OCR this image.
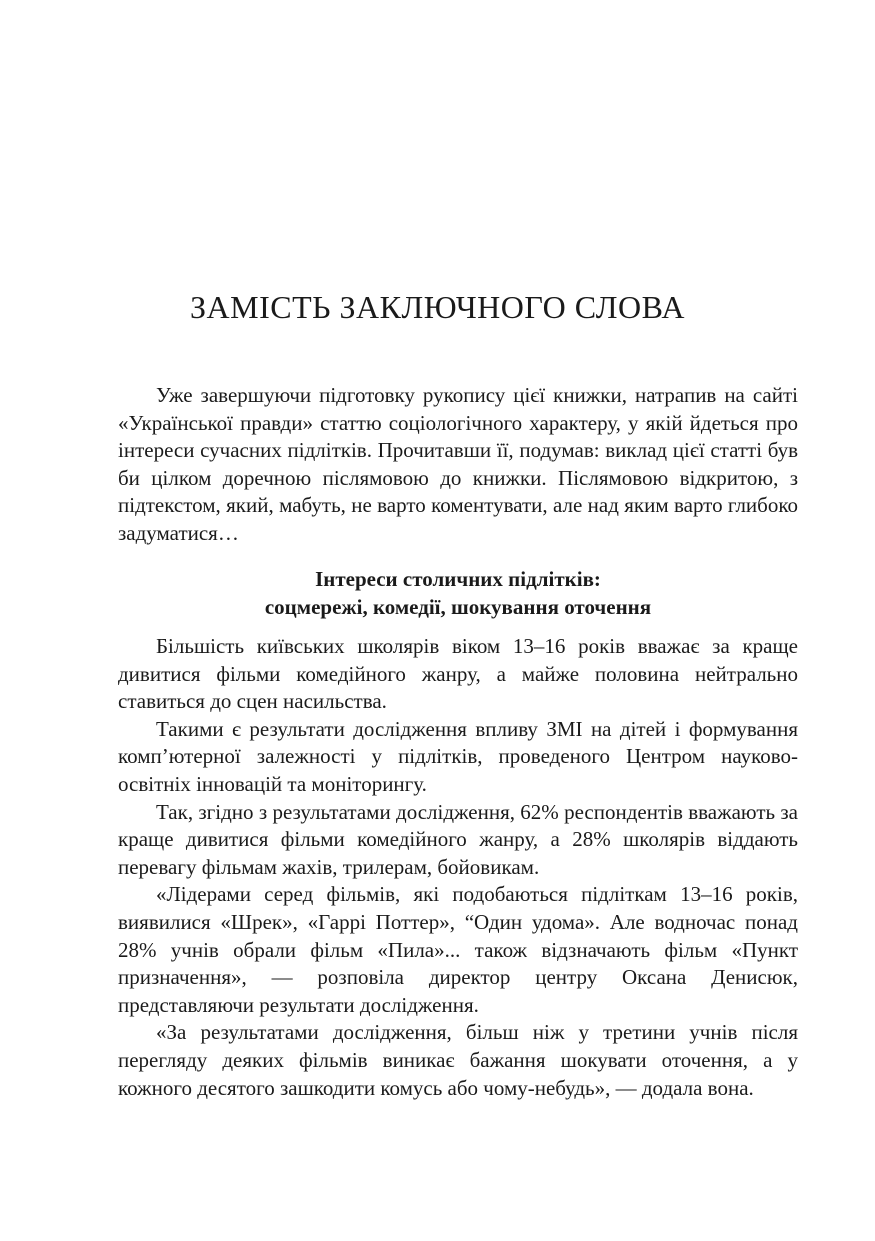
ЗАМІСТЬ ЗАКЛЮЧНОГО СЛОВА

Уже завершуючи підготовку рукопису цієї книжки, натрапив на сайті «Української правди» статтю соціологічного характеру, у якій йдеться про інтереси сучасних підлітків. Прочитавши її, подумав: виклад цієї статті був би цілком доречною післямовою до книжки. Післямовою відкритою, з підтекстом, який, мабуть, не варто коментувати, але над яким варто глибоко задуматися…

Інтереси столичних підлітків:
соцмережі, комедії, шокування оточення

Більшість київських школярів віком 13–16 років вважає за краще дивитися фільми комедійного жанру, а майже половина нейтрально ставиться до сцен насильства.

Такими є результати дослідження впливу ЗМІ на дітей і формування комп’ютерної залежності у підлітків, проведеного Центром науково-освітніх інновацій та моніторингу.

Так, згідно з результатами дослідження, 62% респондентів вважають за краще дивитися фільми комедійного жанру, а 28% школярів віддають перевагу фільмам жахів, трилерам, бойовикам.

«Лідерами серед фільмів, які подобаються підліткам 13–16 років, виявилися «Шрек», «Гаррі Поттер», “Один удома». Але водночас понад 28% учнів обрали фільм «Пила»... також відзначають фільм «Пункт призначення», — розповіла директор центру Оксана Денисюк, представляючи результати дослідження.

«За результатами дослідження, більш ніж у третини учнів після перегляду деяких фільмів виникає бажання шокувати оточення, а у кожного десятого зашкодити комусь або чому-небудь», — додала вона.
